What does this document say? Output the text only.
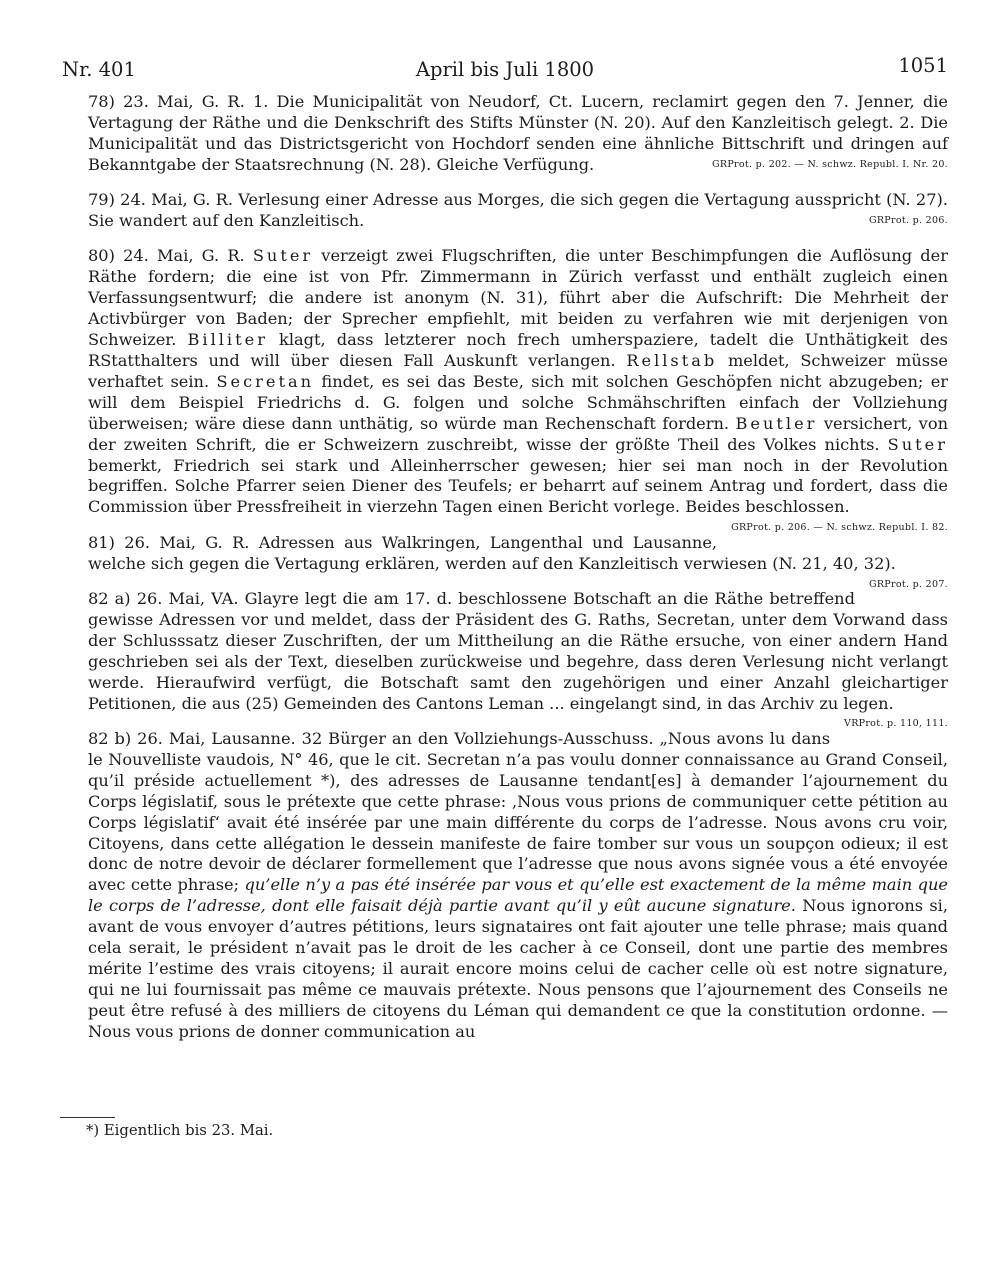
Nr. 401	April bis Juli 1800	1051

78) 23. Mai, G. R. 1. Die Municipalität von Neudorf, Ct. Lucern, reclamirt gegen den 7. Jenner, die Vertagung der Räthe und die Denkschrift des Stifts Münster (N. 20). Auf den Kanzleitisch gelegt. 2. Die Municipalität und das Districtsgericht von Hochdorf senden eine ähnliche Bittschrift und dringen auf Bekanntgabe der Staatsrechnung (N. 28). Gleiche Verfügung.	GRProt. p. 202. — N. schwz. Republ. I. Nr. 20.

79) 24. Mai, G. R. Verlesung einer Adresse aus Morges, die sich gegen die Vertagung ausspricht (N. 27). Sie wandert auf den Kanzleitisch.	GRProt. p. 206.

80) 24. Mai, G. R. Suter verzeigt zwei Flugschriften, die unter Beschimpfungen die Auflösung der Räthe fordern; die eine ist von Pfr. Zimmermann in Zürich verfasst und enthält zugleich einen Verfassungsentwurf; die andere ist anonym (N. 31), führt aber die Aufschrift: Die Mehrheit der Activbürger von Baden; der Sprecher empfiehlt, mit beiden zu verfahren wie mit derjenigen von Schweizer. Billiter klagt, dass letzterer noch frech umherspaziere, tadelt die Unthätigkeit des RStatthalters und will über diesen Fall Auskunft verlangen. Rellstab meldet, Schweizer müsse verhaftet sein. Secretan findet, es sei das Beste, sich mit solchen Geschöpfen nicht abzugeben; er will dem Beispiel Friedrichs d. G. folgen und solche Schmähschriften einfach der Vollziehung überweisen; wäre diese dann unthätig, so würde man Rechenschaft fordern. Beutler versichert, von der zweiten Schrift, die er Schweizern zuschreibt, wisse der größte Theil des Volkes nichts. Suter bemerkt, Friedrich sei stark und Alleinherrscher gewesen; hier sei man noch in der Revolution begriffen. Solche Pfarrer seien Diener des Teufels; er beharrt auf seinem Antrag und fordert, dass die Commission über Pressfreiheit in vierzehn Tagen einen Bericht vorlege. Beides beschlossen.
GRProt. p. 206. — N. schwz. Republ. I. 82.

81) 26. Mai, G. R. Adressen aus Walkringen, Langenthal und Lausanne, welche sich gegen die Vertagung erklären, werden auf den Kanzleitisch verwiesen (N. 21, 40, 32).
GRProt. p. 207.

82 a) 26. Mai, VA. Glayre legt die am 17. d. beschlossene Botschaft an die Räthe betreffend gewisse Adressen vor und meldet, dass der Präsident des G. Raths, Secretan, unter dem Vorwand dass der Schlusssatz dieser Zuschriften, der um Mittheilung an die Räthe ersuche, von einer andern Hand geschrieben sei als der Text, dieselben zurückweise und begehre, dass deren Verlesung nicht verlangt werde. Hieraufwird verfügt, die Botschaft samt den zugehörigen und einer Anzahl gleichartiger Petitionen, die aus (25) Gemeinden des Cantons Leman ... eingelangt sind, in das Archiv zu legen.
VRProt. p. 110, 111.

82 b) 26. Mai, Lausanne. 32 Bürger an den Vollziehungs-Ausschuss. „Nous avons lu dans le Nouvelliste vaudois, N° 46, que le cit. Secretan n’a pas voulu donner connaissance au Grand Conseil, qu’il préside actuellement *), des adresses de Lausanne tendant[es] à demander l’ajournement du Corps législatif, sous le prétexte que cette phrase: ,Nous vous prions de communiquer cette pétition au Corps législatif‘ avait été insérée par une main différente du corps de l’adresse. Nous avons cru voir, Citoyens, dans cette allégation le dessein manifeste de faire tomber sur vous un soupçon odieux; il est donc de notre devoir de déclarer formellement que l’adresse que nous avons signée vous a été envoyée avec cette phrase; qu’elle n’y a pas été insérée par vous et qu’elle est exactement de la même main que le corps de l’adresse, dont elle faisait déjà partie avant qu’il y eût aucune signature. Nous ignorons si, avant de vous envoyer d’autres pétitions, leurs signataires ont fait ajouter une telle phrase; mais quand cela serait, le président n’avait pas le droit de les cacher à ce Conseil, dont une partie des membres mérite l’estime des vrais citoyens; il aurait encore moins celui de cacher celle où est notre signature, qui ne lui fournissait pas même ce mauvais prétexte. Nous pensons que l’ajournement des Conseils ne peut être refusé à des milliers de citoyens du Léman qui demandent ce que la constitution ordonne. — Nous vous prions de donner communication au

*) Eigentlich bis 23. Mai.
